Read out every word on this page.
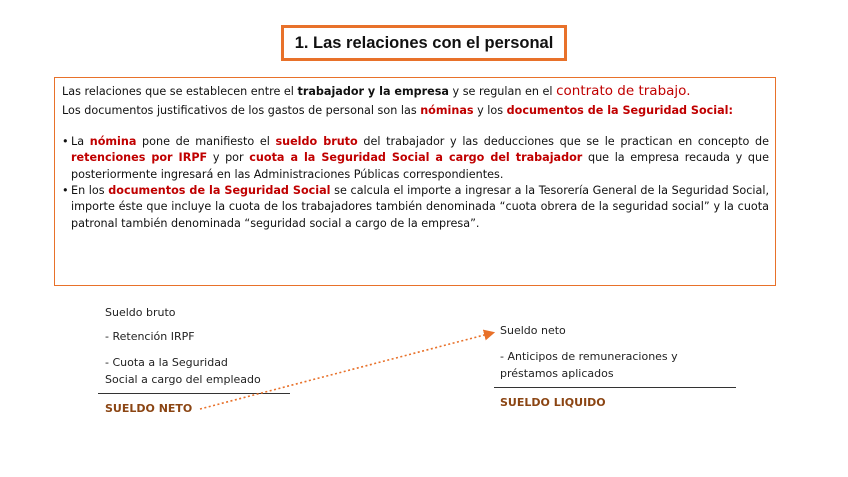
1. Las relaciones con el personal

Las relaciones que se establecen entre el trabajador y la empresa y se regulan en el contrato de trabajo.

Los documentos justificativos de los gastos de personal son las nóminas y los documentos de la Seguridad Social:

• La nómina pone de manifiesto el sueldo bruto del trabajador y las deducciones que se le practican en concepto de retenciones por IRPF y por cuota a la Seguridad Social a cargo del trabajador que la empresa recauda y que posteriormente ingresará en las Administraciones Públicas correspondientes.
• En los documentos de la Seguridad Social se calcula el importe a ingresar a la Tesorería General de la Seguridad Social, importe éste que incluye la cuota de los trabajadores también denominada “cuota obrera de la seguridad social” y la cuota patronal también denominada “seguridad social a cargo de la empresa”.
Sueldo bruto
- Retención IRPF
- Cuota a la Seguridad
Social a cargo del empleado
SUELDO NETO
Sueldo neto
- Anticipos de remuneraciones y
préstamos aplicados
SUELDO LIQUIDO
